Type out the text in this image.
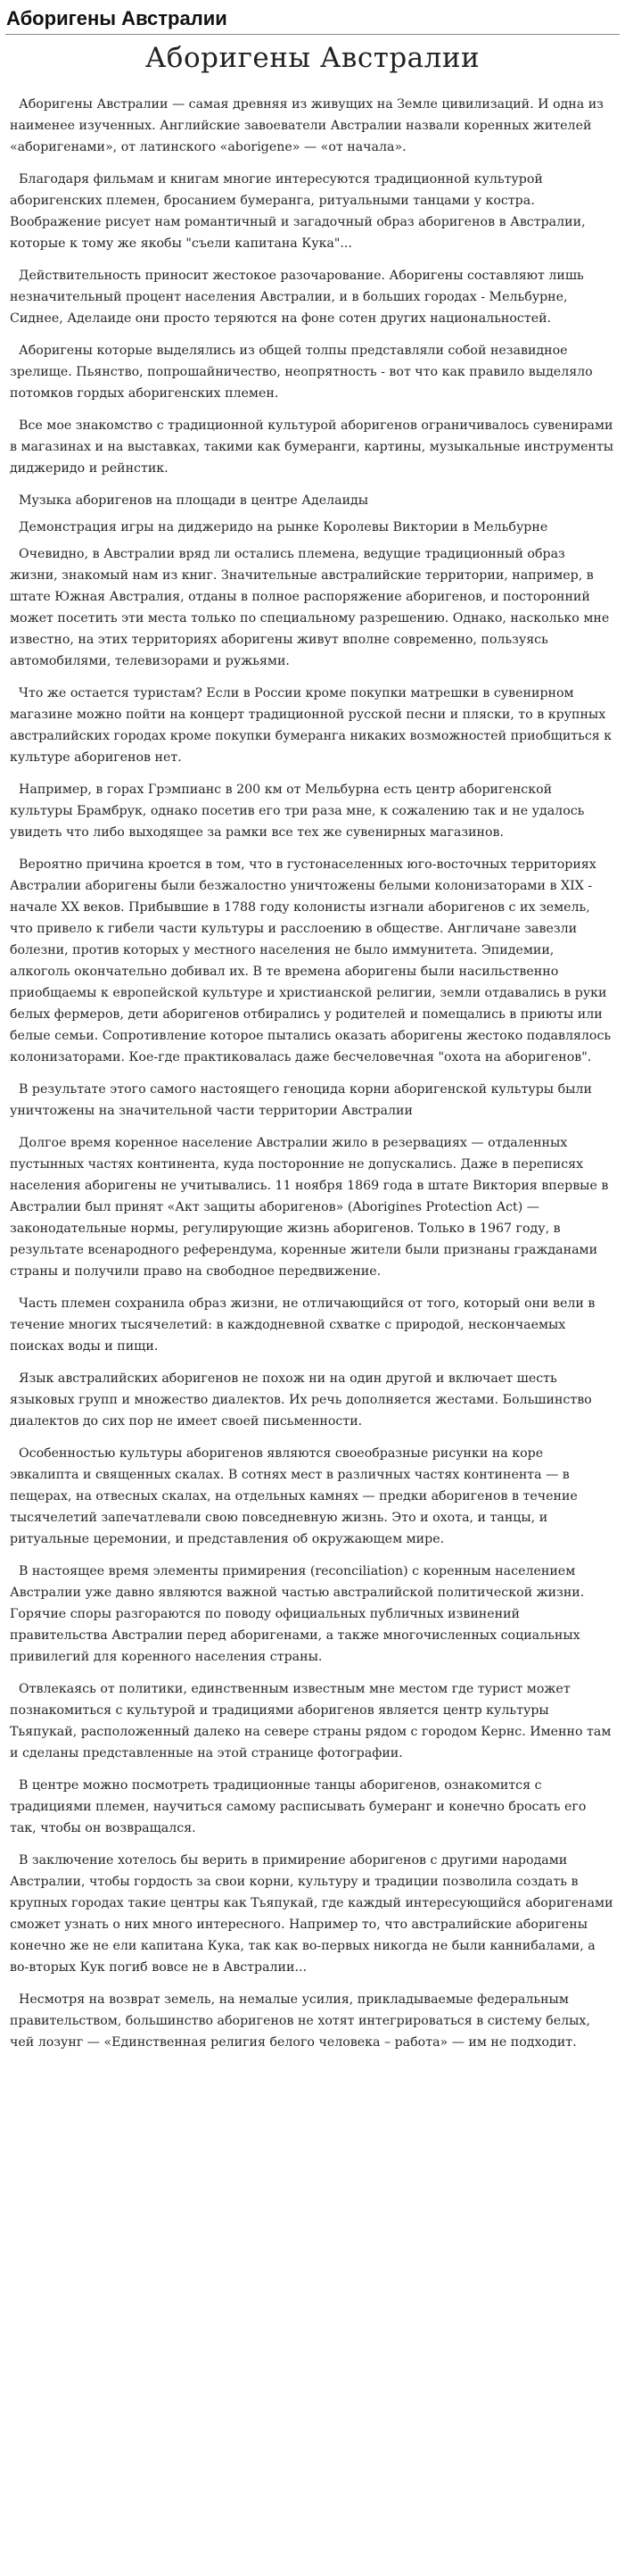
Аборигены Австралии
Аборигены Австралии

Аборигены Австралии — самая древняя из живущих на Земле цивилизаций. И одна из наименее изученных. Английские завоеватели Австралии назвали коренных жителей «аборигенами», от латинского «aborigene» — «от начала».

Благодаря фильмам и книгам многие интересуются традиционной культурой аборигенских племен, бросанием бумеранга, ритуальными танцами у костра. Воображение рисует нам романтичный и загадочный образ аборигенов в Австралии, которые к тому же якобы "съели капитана Кука"...

Действительность приносит жестокое разочарование. Аборигены составляют лишь незначительный процент населения Австралии, и в больших городах - Мельбурне, Сиднее, Аделаиде они просто теряются на фоне сотен других национальностей.

Аборигены которые выделялись из общей толпы представляли собой незавидное зрелище. Пьянство, попрошайничество, неопрятность - вот что как правило выделяло потомков гордых аборигенских племен.

Все мое знакомство с традиционной культурой аборигенов ограничивалось сувенирами в магазинах и на выставках, такими как бумеранги, картины, музыкальные инструменты диджеридо и рейнстик.

Музыка аборигенов на площади в центре Аделаиды

Демонстрация игры на диджеридо на рынке Королевы Виктории в Мельбурне

Очевидно, в Австралии вряд ли остались племена, ведущие традиционный образ жизни, знакомый нам из книг. Значительные австралийские территории, например, в штате Южная Австралия, отданы в полное распоряжение аборигенов, и посторонний может посетить эти места только по специальному разрешению. Однако, насколько мне известно, на этих территориях аборигены живут вполне современно, пользуясь автомобилями, телевизорами и ружьями.

Что же остается туристам? Если в России кроме покупки матрешки в сувенирном магазине можно пойти на концерт традиционной русской песни и пляски, то в крупных австралийских городах кроме покупки бумеранга никаких возможностей приобщиться к культуре аборигенов нет.

Например, в горах Грэмпианс в 200 км от Мельбурна есть центр аборигенской культуры Брамбрук, однако посетив его три раза мне, к сожалению так и не удалось увидеть что либо выходящее за рамки все тех же сувенирных магазинов.

Вероятно причина кроется в том, что в густонаселенных юго-восточных территориях Австралии аборигены были безжалостно уничтожены белыми колонизаторами в XIX - начале XX веков. Прибывшие в 1788 году колонисты изгнали аборигенов с их земель, что привело к гибели части культуры и расслоению в обществе. Англичане завезли болезни, против которых у местного населения не было иммунитета. Эпидемии, алкоголь окончательно добивал их. В те времена аборигены были насильственно приобщаемы к европейской культуре и христианской религии, земли отдавались в руки белых фермеров, дети аборигенов отбирались у родителей и помещались в приюты или белые семьи. Сопротивление которое пытались оказать аборигены жестоко подавлялось колонизаторами. Кое-где практиковалась даже бесчеловечная "охота на аборигенов".

В результате этого самого настоящего геноцида корни аборигенской культуры были уничтожены на значительной части территории Австралии

Долгое время коренное население Австралии жило в резервациях — отдаленных пустынных частях континента, куда посторонние не допускались. Даже в переписях населения аборигены не учитывались. 11 ноября 1869 года в штате Виктория впервые в Австралии был принят «Акт защиты аборигенов» (Aborigines Protection Act) — законодательные нормы, регулирующие жизнь аборигенов. Только в 1967 году, в результате всенародного референдума, коренные жители были признаны гражданами страны и получили право на свободное передвижение.

Часть племен сохранила образ жизни, не отличающийся от того, который они вели в течение многих тысячелетий: в каждодневной схватке с природой, нескончаемых поисках воды и пищи.

Язык австралийских аборигенов не похож ни на один другой и включает шесть языковых групп и множество диалектов. Их речь дополняется жестами. Большинство диалектов до сих пор не имеет своей письменности.

Особенностью культуры аборигенов являются своеобразные рисунки на коре эвкалипта и священных скалах. В сотнях мест в различных частях континента — в пещерах, на отвесных скалах, на отдельных камнях — предки аборигенов в течение тысячелетий запечатлевали свою повседневную жизнь. Это и охота, и танцы, и ритуальные церемонии, и представления об окружающем мире.

В настоящее время элементы примирения (reconciliation) с коренным населением Австралии уже давно являются важной частью австралийской политической жизни. Горячие споры разгораются по поводу официальных публичных извинений правительства Австралии перед аборигенами, а также многочисленных социальных привилегий для коренного населения страны.

Отвлекаясь от политики, единственным известным мне местом где турист может познакомиться с культурой и традициями аборигенов является центр культуры Тьяпукай, расположенный далеко на севере страны рядом с городом Кернс. Именно там и сделаны представленные на этой странице фотографии.

В центре можно посмотреть традиционные танцы аборигенов, ознакомится с традициями племен, научиться самому расписывать бумеранг и конечно бросать его так, чтобы он возвращался.

В заключение хотелось бы верить в примирение аборигенов с другими народами Австралии, чтобы гордость за свои корни, культуру и традиции позволила создать в крупных городах такие центры как Тьяпукай, где каждый интересующийся аборигенами сможет узнать о них много интересного. Например то, что австралийские аборигены конечно же не ели капитана Кука, так как во-первых никогда не были каннибалами, а во-вторых Кук погиб вовсе не в Австралии...

Несмотря на возврат земель, на немалые усилия, прикладываемые федеральным правительством, большинство аборигенов не хотят интегрироваться в систему белых, чей лозунг — «Единственная религия белого человека – работа» — им не подходит.
